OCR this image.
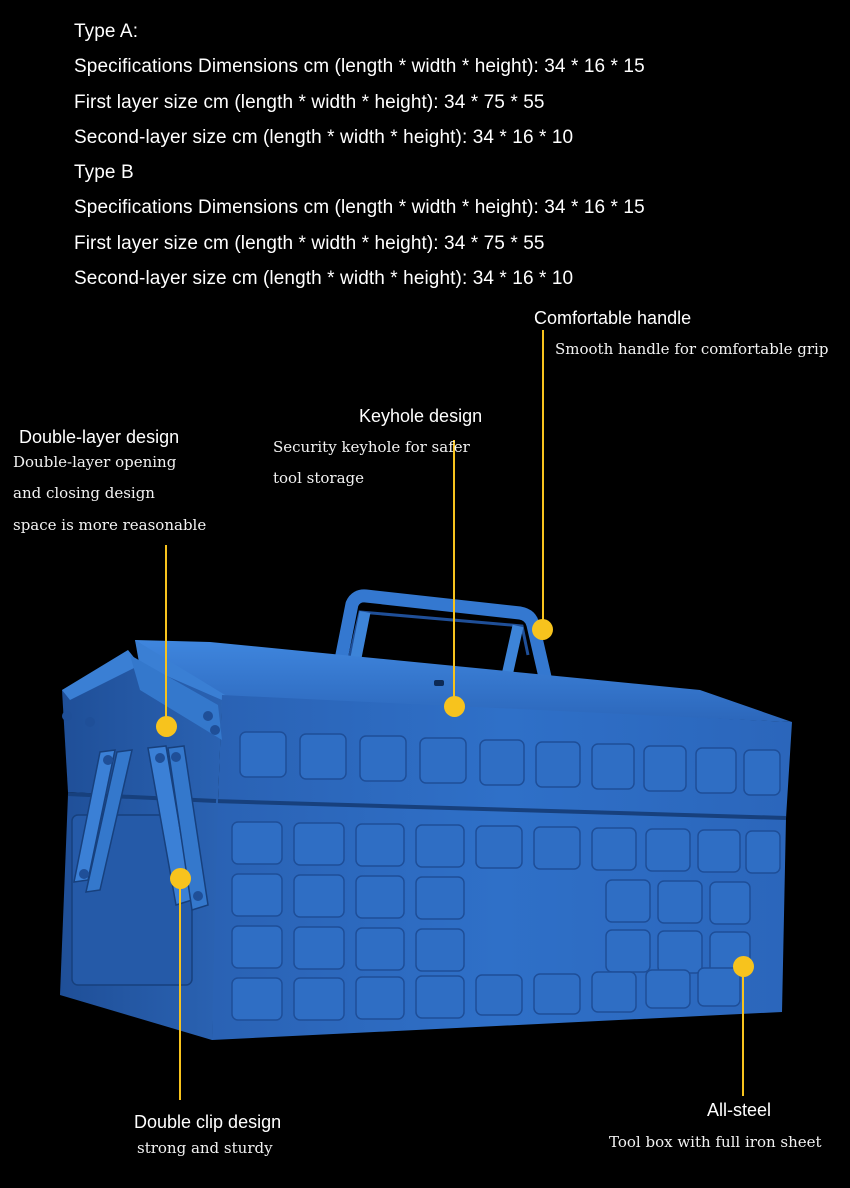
Type A:
Specifications Dimensions cm (length * width * height): 34 * 16 * 15
First layer size cm (length * width * height): 34 * 75 * 55
Second-layer size cm (length * width * height): 34 * 16 * 10
Type B
Specifications Dimensions cm (length * width * height): 34 * 16 * 15
First layer size cm (length * width * height): 34 * 75 * 55
Second-layer size cm (length * width * height): 34 * 16 * 10
Comfortable handle
Smooth handle for comfortable grip
Keyhole design
Security keyhole for safer
tool storage
Double-layer design
Double-layer opening
and closing design
space is more reasonable
Double clip design
strong and sturdy
All-steel
Tool box with full iron sheet
